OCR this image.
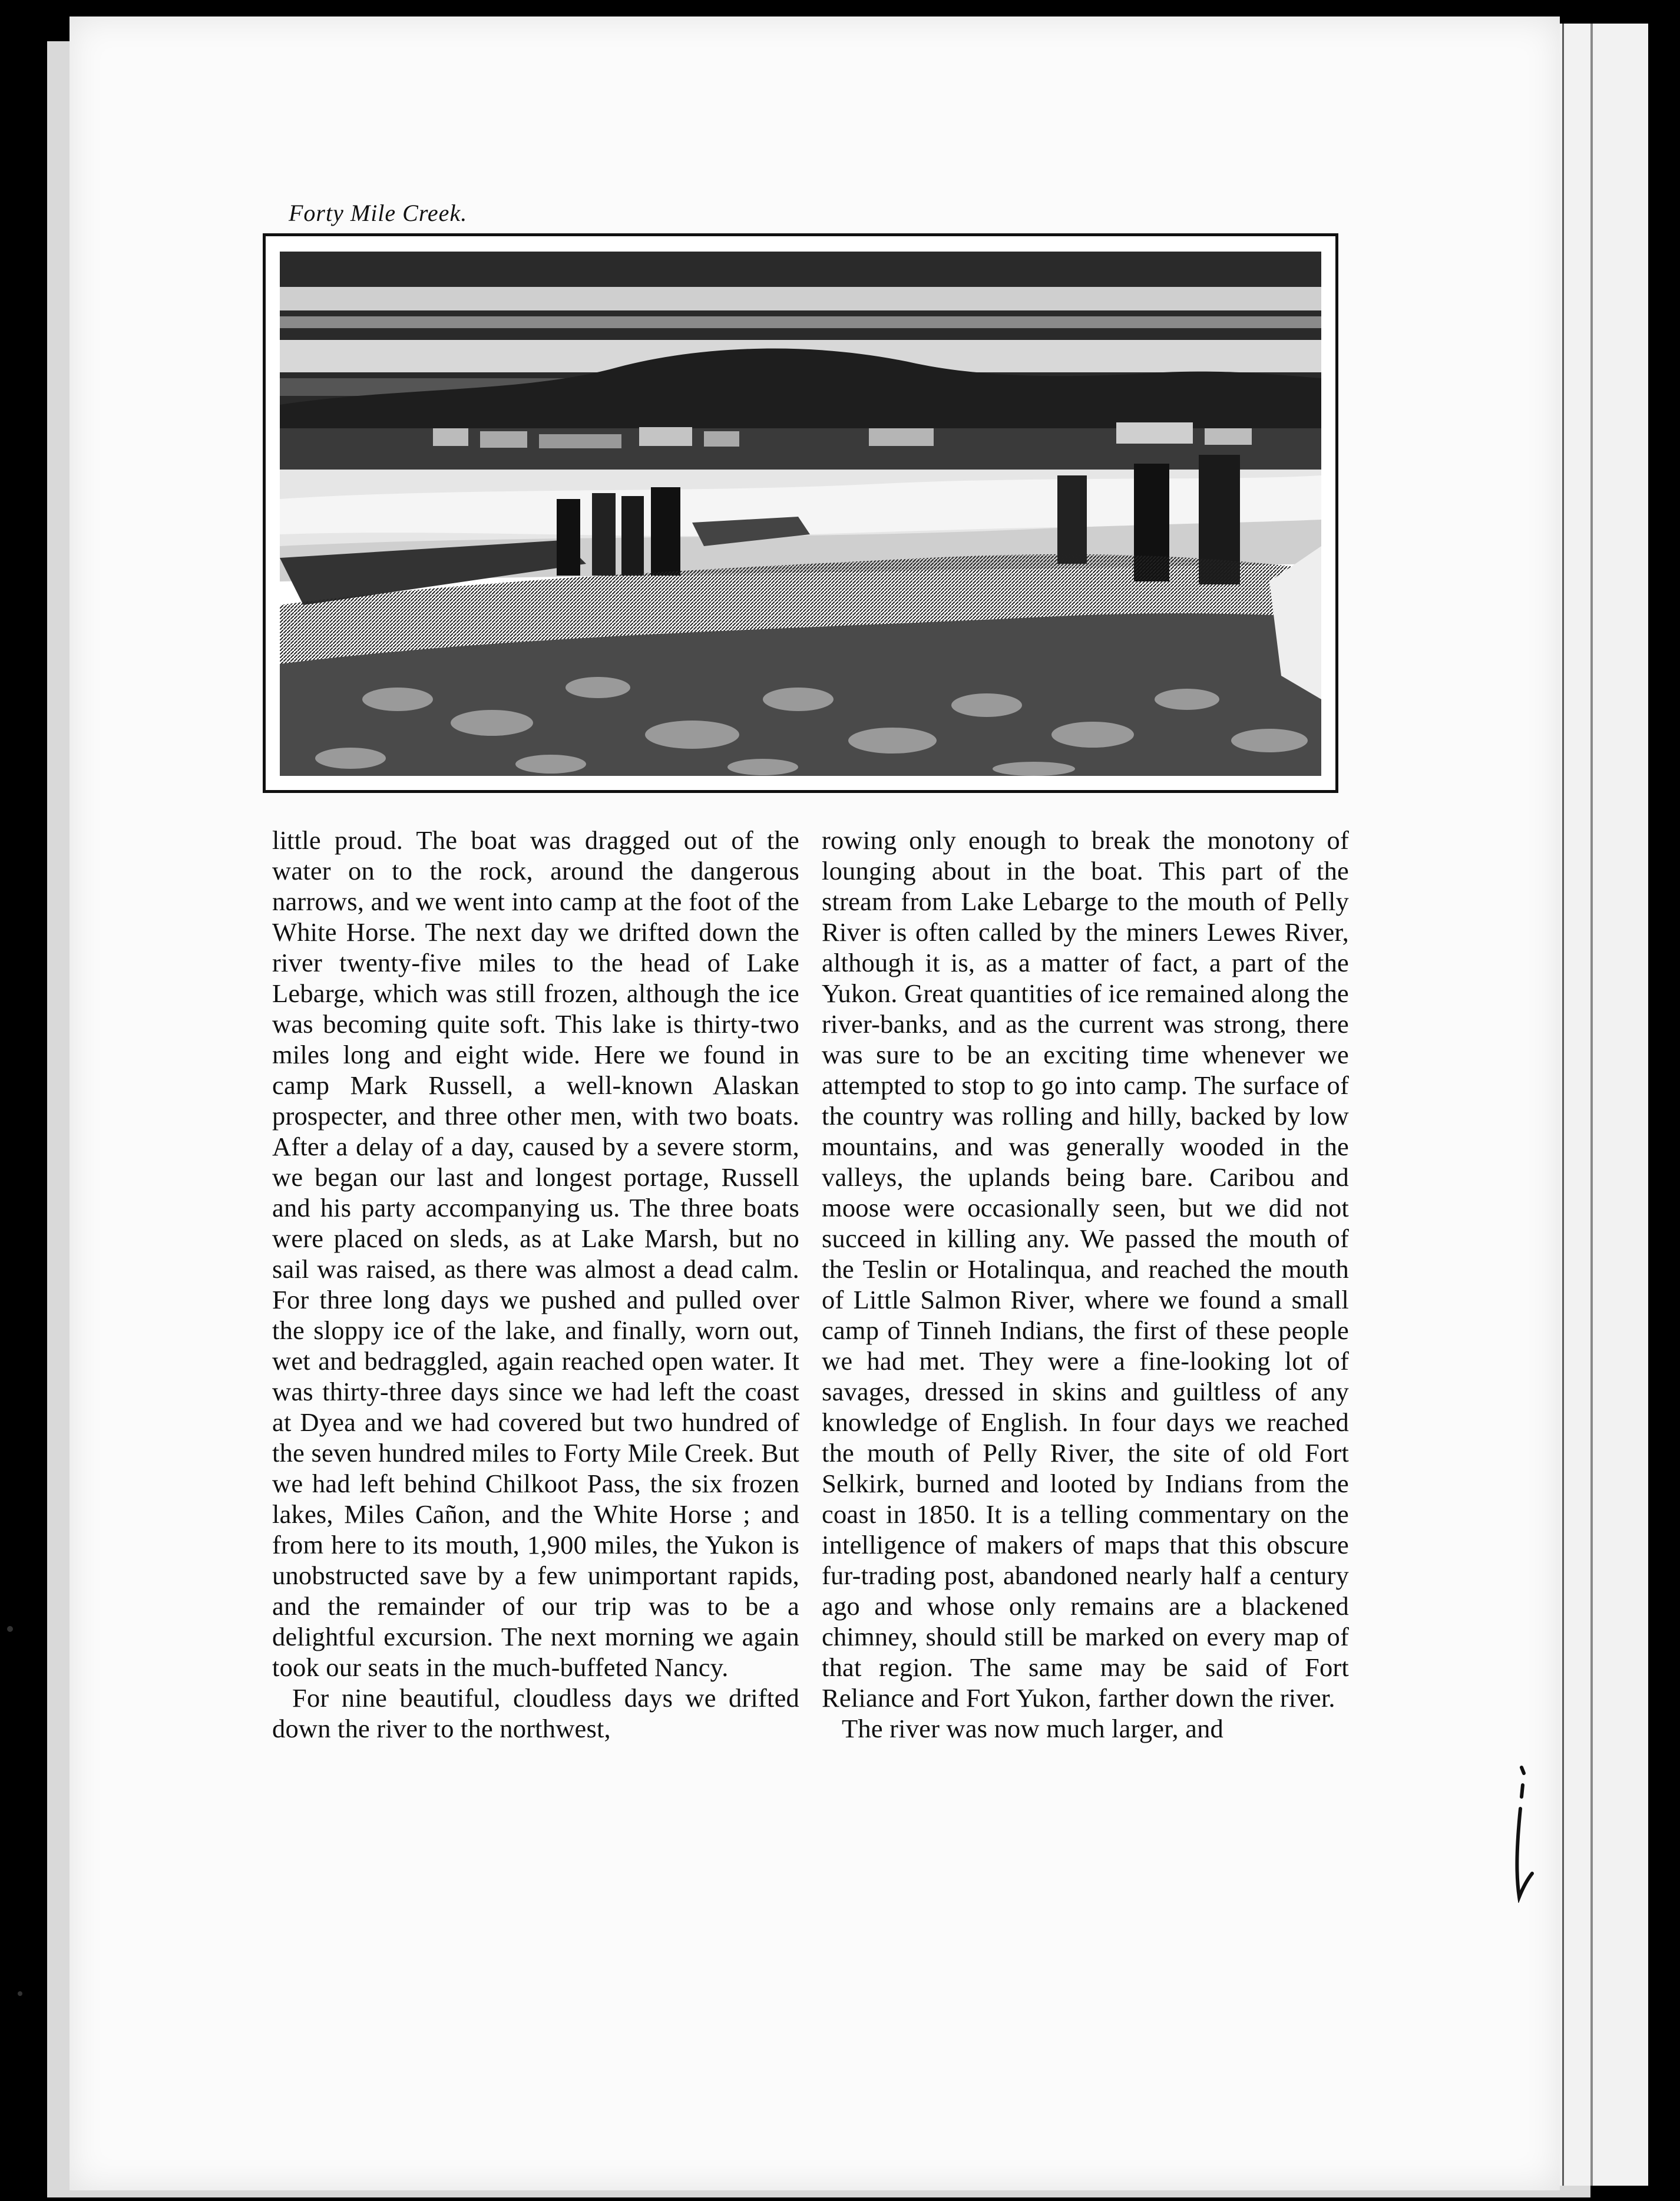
Forty Mile Creek.

little proud. The boat was dragged out of the water on to the rock, around the dangerous narrows, and we went into camp at the foot of the White Horse. The next day we drifted down the river twenty-five miles to the head of Lake Lebarge, which was still frozen, although the ice was becoming quite soft. This lake is thirty-two miles long and eight wide. Here we found in camp Mark Russell, a well-known Alaskan prospecter, and three other men, with two boats. After a delay of a day, caused by a severe storm, we began our last and longest portage, Russell and his party accompanying us. The three boats were placed on sleds, as at Lake Marsh, but no sail was raised, as there was almost a dead calm. For three long days we pushed and pulled over the sloppy ice of the lake, and finally, worn out, wet and bedraggled, again reached open water. It was thirty-three days since we had left the coast at Dyea and we had covered but two hundred of the seven hundred miles to Forty Mile Creek. But we had left behind Chilkoot Pass, the six frozen lakes, Miles Cañon, and the White Horse ; and from here to its mouth, 1,900 miles, the Yukon is unobstructed save by a few unimportant rapids, and the remainder of our trip was to be a delightful excursion. The next morning we again took our seats in the much-buffeted Nancy.

For nine beautiful, cloudless days we drifted down the river to the northwest,

rowing only enough to break the monotony of lounging about in the boat. This part of the stream from Lake Lebarge to the mouth of Pelly River is often called by the miners Lewes River, although it is, as a matter of fact, a part of the Yukon. Great quantities of ice remained along the river-banks, and as the current was strong, there was sure to be an exciting time whenever we attempted to stop to go into camp. The surface of the country was rolling and hilly, backed by low mountains, and was generally wooded in the valleys, the uplands being bare. Caribou and moose were occasionally seen, but we did not succeed in killing any. We passed the mouth of the Teslin or Hotalinqua, and reached the mouth of Little Salmon River, where we found a small camp of Tinneh Indians, the first of these people we had met. They were a fine-looking lot of savages, dressed in skins and guiltless of any knowledge of English. In four days we reached the mouth of Pelly River, the site of old Fort Selkirk, burned and looted by Indians from the coast in 1850. It is a telling commentary on the intelligence of makers of maps that this obscure fur-trading post, abandoned nearly half a century ago and whose only remains are a blackened chimney, should still be marked on every map of that region. The same may be said of Fort Reliance and Fort Yukon, farther down the river.

The river was now much larger, and
